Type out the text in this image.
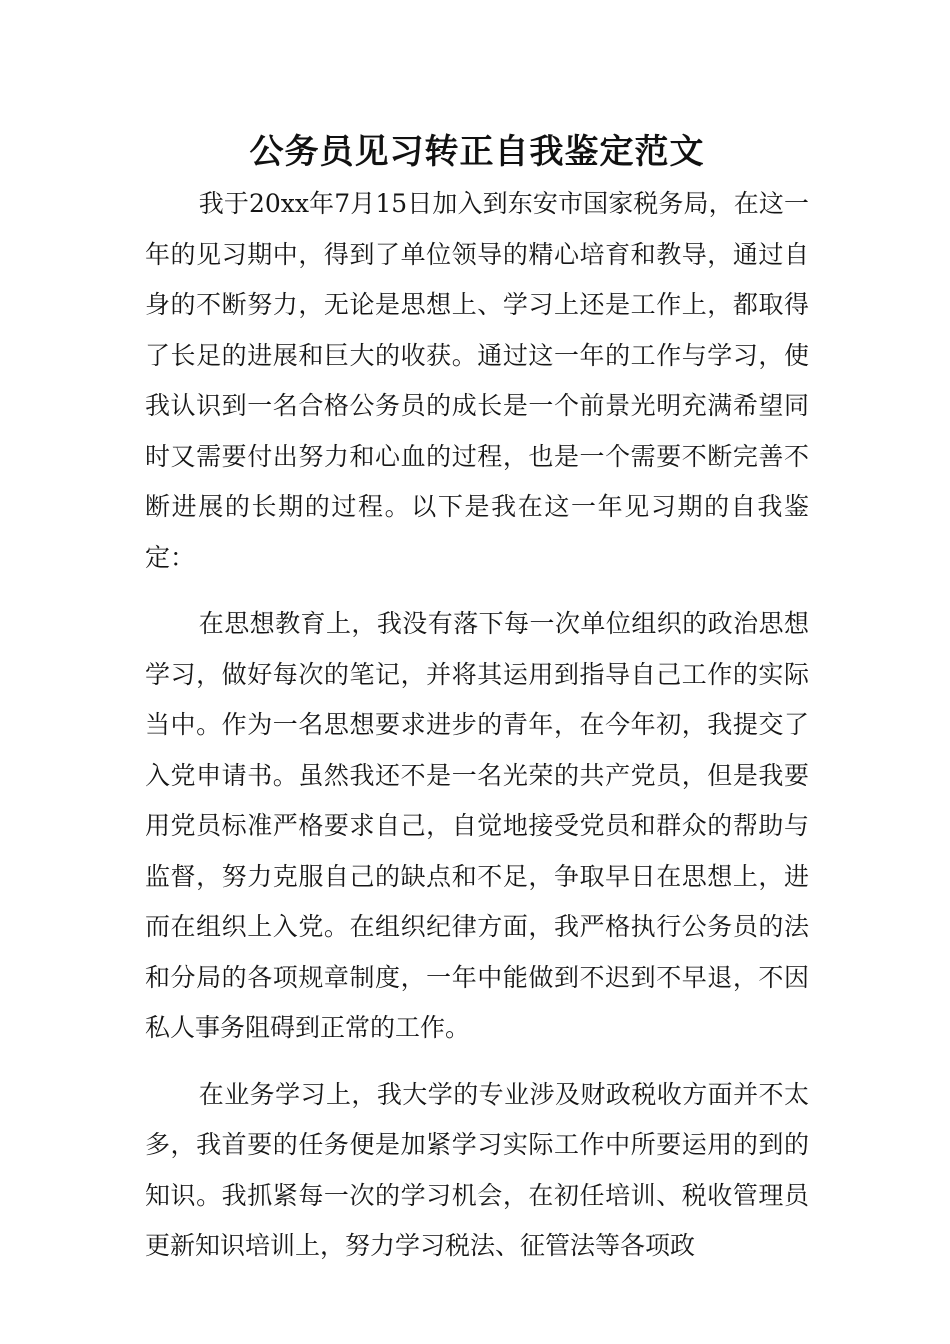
公务员见习转正自我鉴定范文

我于20xx年7月15日加入到东安市国家税务局，在这一年的见习期中，得到了单位领导的精心培育和教导，通过自身的不断努力，无论是思想上、学习上还是工作上，都取得了长足的进展和巨大的收获。通过这一年的工作与学习，使我认识到一名合格公务员的成长是一个前景光明充满希望同时又需要付出努力和心血的过程，也是一个需要不断完善不断进展的长期的过程。以下是我在这一年见习期的自我鉴定：

在思想教育上，我没有落下每一次单位组织的政治思想学习，做好每次的笔记，并将其运用到指导自己工作的实际当中。作为一名思想要求进步的青年，在今年初，我提交了入党申请书。虽然我还不是一名光荣的共产党员，但是我要用党员标准严格要求自己，自觉地接受党员和群众的帮助与监督，努力克服自己的缺点和不足，争取早日在思想上，进而在组织上入党。在组织纪律方面，我严格执行公务员的法和分局的各项规章制度，一年中能做到不迟到不早退，不因私人事务阻碍到正常的工作。

在业务学习上，我大学的专业涉及财政税收方面并不太多，我首要的任务便是加紧学习实际工作中所要运用的到的知识。我抓紧每一次的学习机会，在初任培训、税收管理员更新知识培训上，努力学习税法、征管法等各项政
